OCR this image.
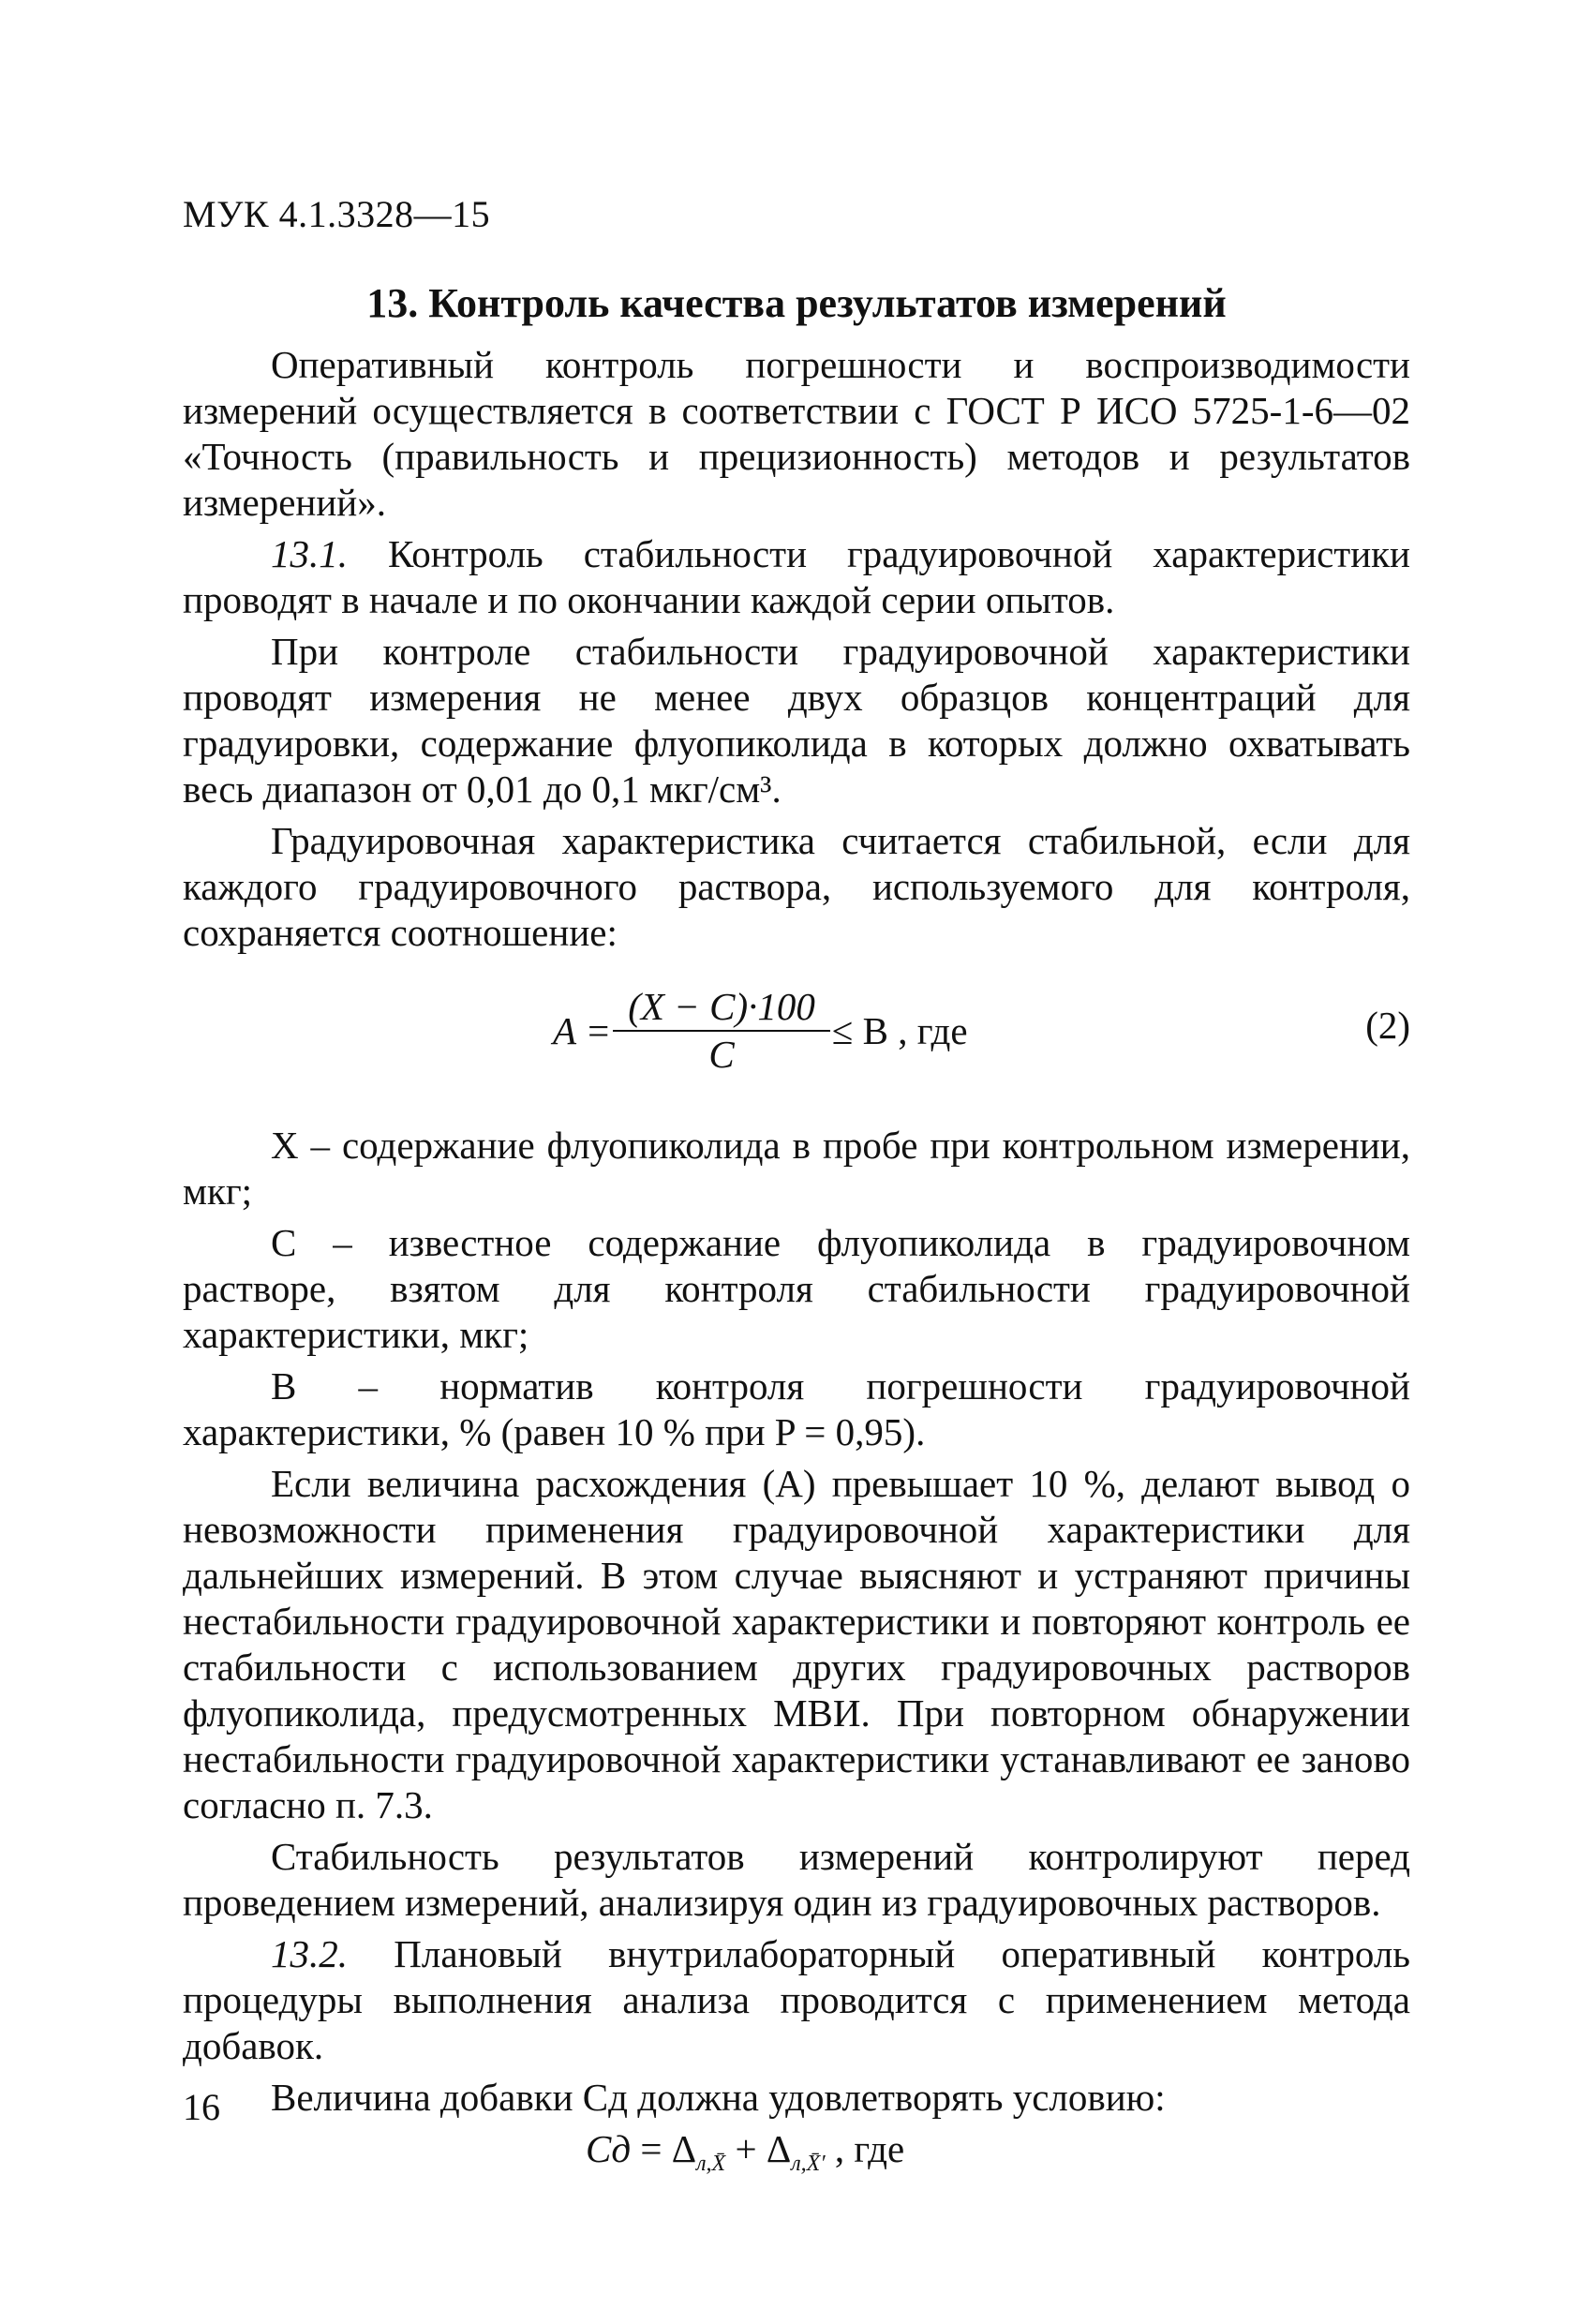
МУК 4.1.3328—15
13. Контроль качества результатов измерений

Оперативный контроль погрешности и воспроизводимости измерений осуществляется в соответствии с ГОСТ Р ИСО 5725-1-6—02 «Точность (правильность и прецизионность) методов и результатов измерений».

13.1. Контроль стабильности градуировочной характеристики проводят в начале и по окончании каждой серии опытов.

При контроле стабильности градуировочной характеристики проводят измерения не менее двух образцов концентраций для градуировки, содержание флуопиколида в которых должно охватывать весь диапазон от 0,01 до 0,1 мкг/см³.

Градуировочная характеристика считается стабильной, если для каждого градуировочного раствора, используемого для контроля, сохраняется соотношение:

$A = \frac{(X - C)\cdot 100}{C} \le B$ , где	(2)

X – содержание флуопиколида в пробе при контрольном измерении, мкг;

C – известное содержание флуопиколида в градуировочном растворе, взятом для контроля стабильности градуировочной характеристики, мкг;

B – норматив контроля погрешности градуировочной характеристики, % (равен 10 % при P = 0,95).

Если величина расхождения (A) превышает 10 %, делают вывод о невозможности применения градуировочной характеристики для дальнейших измерений. В этом случае выясняют и устраняют причины нестабильности градуировочной характеристики и повторяют контроль ее стабильности с использованием других градуировочных растворов флуопиколида, предусмотренных МВИ. При повторном обнаружении нестабильности градуировочной характеристики устанавливают ее заново согласно п. 7.3.

Стабильность результатов измерений контролируют перед проведением измерений, анализируя один из градуировочных растворов.

13.2. Плановый внутрилабораторный оперативный контроль процедуры выполнения анализа проводится с применением метода добавок.

Величина добавки Cд должна удовлетворять условию:

Cд = $\Delta_{л,X̄} + \Delta_{л,X̄'}$ , где
16
